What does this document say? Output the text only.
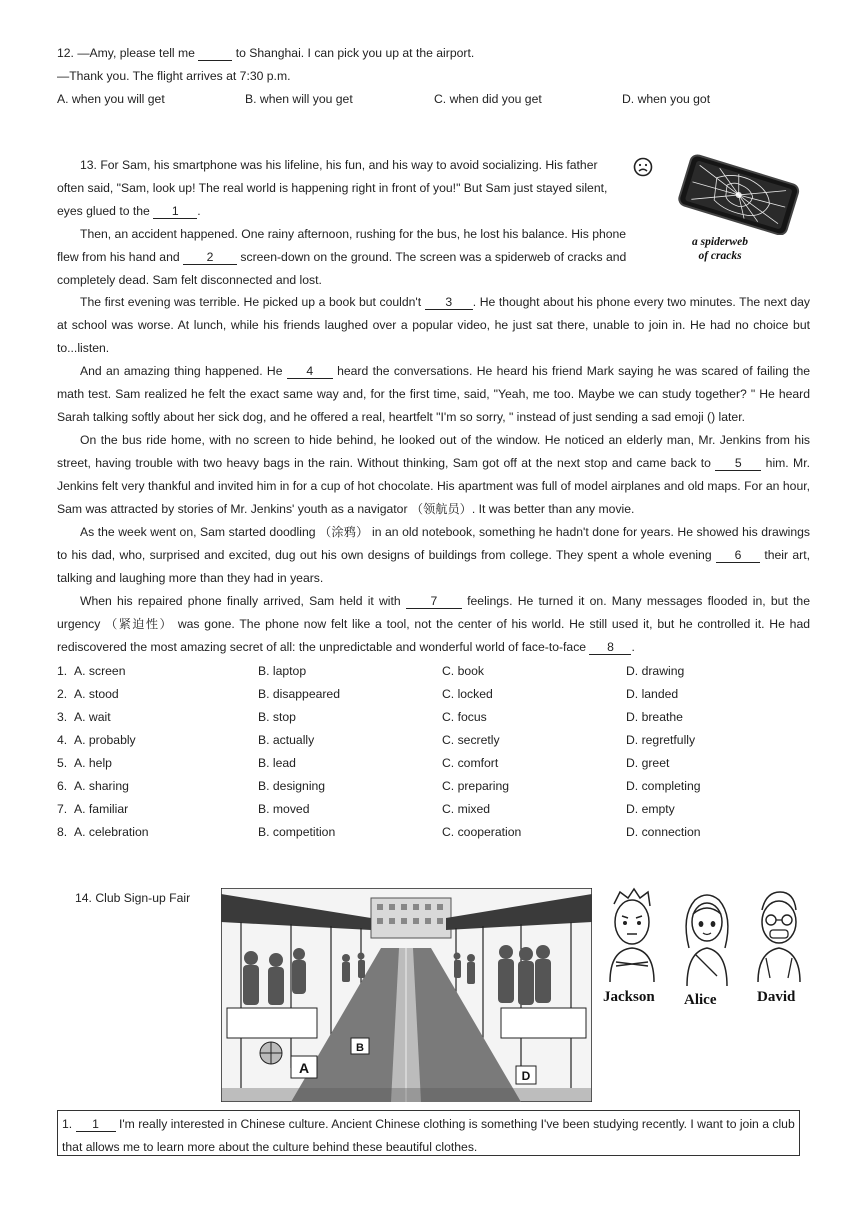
12. —Amy, please tell me	to Shanghai. I can pick you up at the airport.
—Thank you. The flight arrives at 7:30 p.m.
A. when you will get	B. when will you get	C. when did you get	D. when you got
13. For Sam, his smartphone was his lifeline, his fun, and his way to avoid socializing. His father
often said, "Sam, look up! The real world is happening right in front of you!" But Sam just stayed silent,
eyes glued to the 1 .
a spiderweb
of cracks
Then, an accident happened. One rainy afternoon, rushing for the bus, he lost his balance. His phone
flew from his hand and 2 screen-down on the ground. The screen was a spiderweb of cracks and
completely dead. Sam felt disconnected and lost.
The first evening was terrible. He picked up a book but couldn't 3 . He thought about his phone every two minutes. The next day at school was worse. At lunch, while his friends laughed over a popular video, he just sat there, unable to join in. He had no choice but to...listen.
And an amazing thing happened. He 4 heard the conversations. He heard his friend Mark saying he was scared of failing the math test. Sam realized he felt the exact same way and, for the first time, said, "Yeah, me too. Maybe we can study together? " He heard Sarah talking softly about her sick dog, and he offered a real, heartfelt "I'm so sorry, " instead of just sending a sad emoji () later.
On the bus ride home, with no screen to hide behind, he looked out of the window. He noticed an elderly man, Mr. Jenkins from his street, having trouble with two heavy bags in the rain. Without thinking, Sam got off at the next stop and came back to 5 him. Mr. Jenkins felt very thankful and invited him in for a cup of hot chocolate. His apartment was full of model airplanes and old maps. For an hour, Sam was attracted by stories of Mr. Jenkins' youth as a navigator （领航员）. It was better than any movie.
As the week went on, Sam started doodling （涂鸦） in an old notebook, something he hadn't done for years. He showed his drawings to his dad, who, surprised and excited, dug out his own designs of buildings from college. They spent a whole evening 6 their art, talking and laughing more than they had in years.
When his repaired phone finally arrived, Sam held it with 7 feelings. He turned it on. Many messages flooded in, but the urgency （紧迫性） was gone. The phone now felt like a tool, not the center of his world. He still used it, but he controlled it. He had rediscovered the most amazing secret of all: the unpredictable and wonderful world of face-to-face 8 .
1. A. screen	B. laptop	C. book	D. drawing
2. A. stood	B. disappeared	C. locked	D. landed
3. A. wait	B. stop	C. focus	D. breathe
4. A. probably	B. actually	C. secretly	D. regretfully
5. A. help	B. lead	C. comfort	D. greet
6. A. sharing	B. designing	C. preparing	D. completing
7. A. familiar	B. moved	C. mixed	D. empty
8. A. celebration	B. competition	C. cooperation	D. connection
14. Club Sign-up Fair
A
B
D
Jackson Alice	David
1. 1 I'm really interested in Chinese culture. Ancient Chinese clothing is something I've been studying recently. I want to join a club that allows me to learn more about the culture behind these beautiful clothes.
